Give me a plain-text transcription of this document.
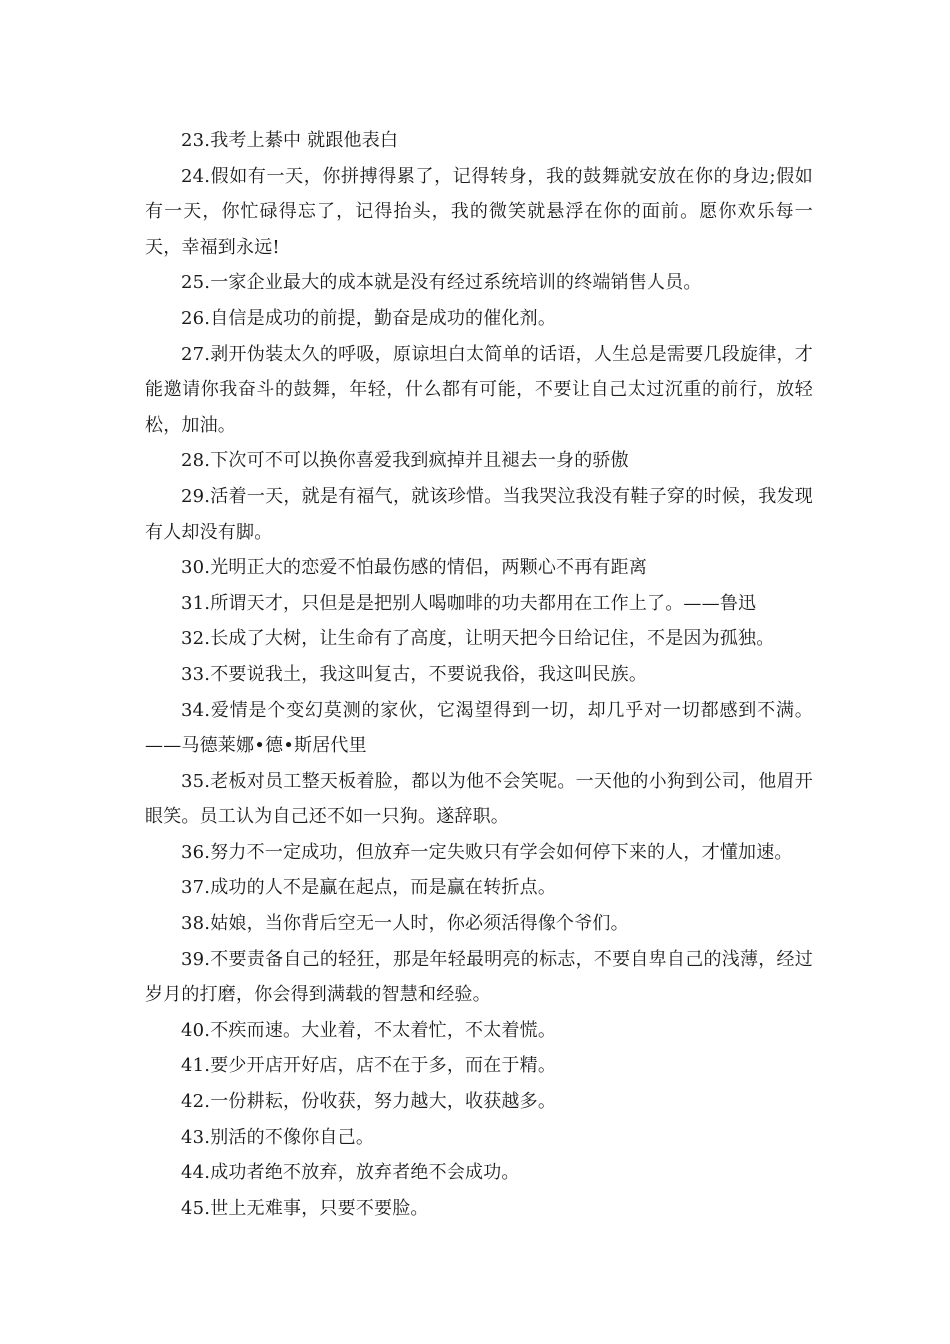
23.我考上綦中 就跟他表白

24.假如有一天，你拼搏得累了，记得转身，我的鼓舞就安放在你的身边;假如有一天，你忙碌得忘了，记得抬头，我的微笑就悬浮在你的面前。愿你欢乐每一天，幸福到永远!

25.一家企业最大的成本就是没有经过系统培训的终端销售人员。

26.自信是成功的前提，勤奋是成功的催化剂。

27.剥开伪装太久的呼吸，原谅坦白太简单的话语，人生总是需要几段旋律，才能邀请你我奋斗的鼓舞，年轻，什么都有可能，不要让自己太过沉重的前行，放轻松，加油。

28.下次可不可以换你喜爱我到疯掉并且褪去一身的骄傲

29.活着一天，就是有福气，就该珍惜。当我哭泣我没有鞋子穿的时候，我发现有人却没有脚。

30.光明正大的恋爱不怕最伤感的情侣，两颗心不再有距离

31.所谓天才，只但是是把别人喝咖啡的功夫都用在工作上了。——鲁迅

32.长成了大树，让生命有了高度，让明天把今日给记住，不是因为孤独。

33.不要说我土，我这叫复古，不要说我俗，我这叫民族。

34.爱情是个变幻莫测的家伙，它渴望得到一切，却几乎对一切都感到不满。——马德莱娜•德•斯居代里

35.老板对员工整天板着脸，都以为他不会笑呢。一天他的小狗到公司，他眉开眼笑。员工认为自己还不如一只狗。遂辞职。

36.努力不一定成功，但放弃一定失败只有学会如何停下来的人，才懂加速。

37.成功的人不是赢在起点，而是赢在转折点。

38.姑娘，当你背后空无一人时，你必须活得像个爷们。

39.不要责备自己的轻狂，那是年轻最明亮的标志，不要自卑自己的浅薄，经过岁月的打磨，你会得到满载的智慧和经验。

40.不疾而速。大业着，不太着忙，不太着慌。

41.要少开店开好店，店不在于多，而在于精。

42.一份耕耘，份收获，努力越大，收获越多。

43.别活的不像你自己。

44.成功者绝不放弃，放弃者绝不会成功。

45.世上无难事，只要不要脸。
